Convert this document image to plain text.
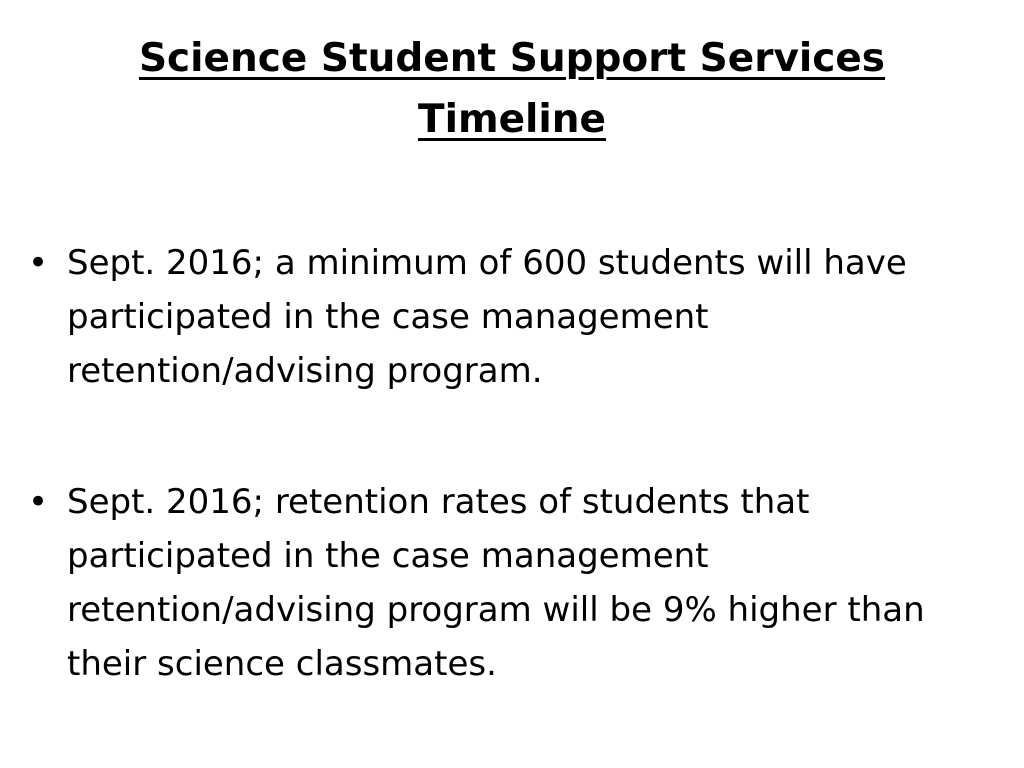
Science Student Support Services
Timeline
• Sept. 2016; a minimum of 600 students will have
participated in the case management
retention/advising program.
• Sept. 2016; retention rates of students that
participated in the case management
retention/advising program will be 9% higher than
their science classmates.
